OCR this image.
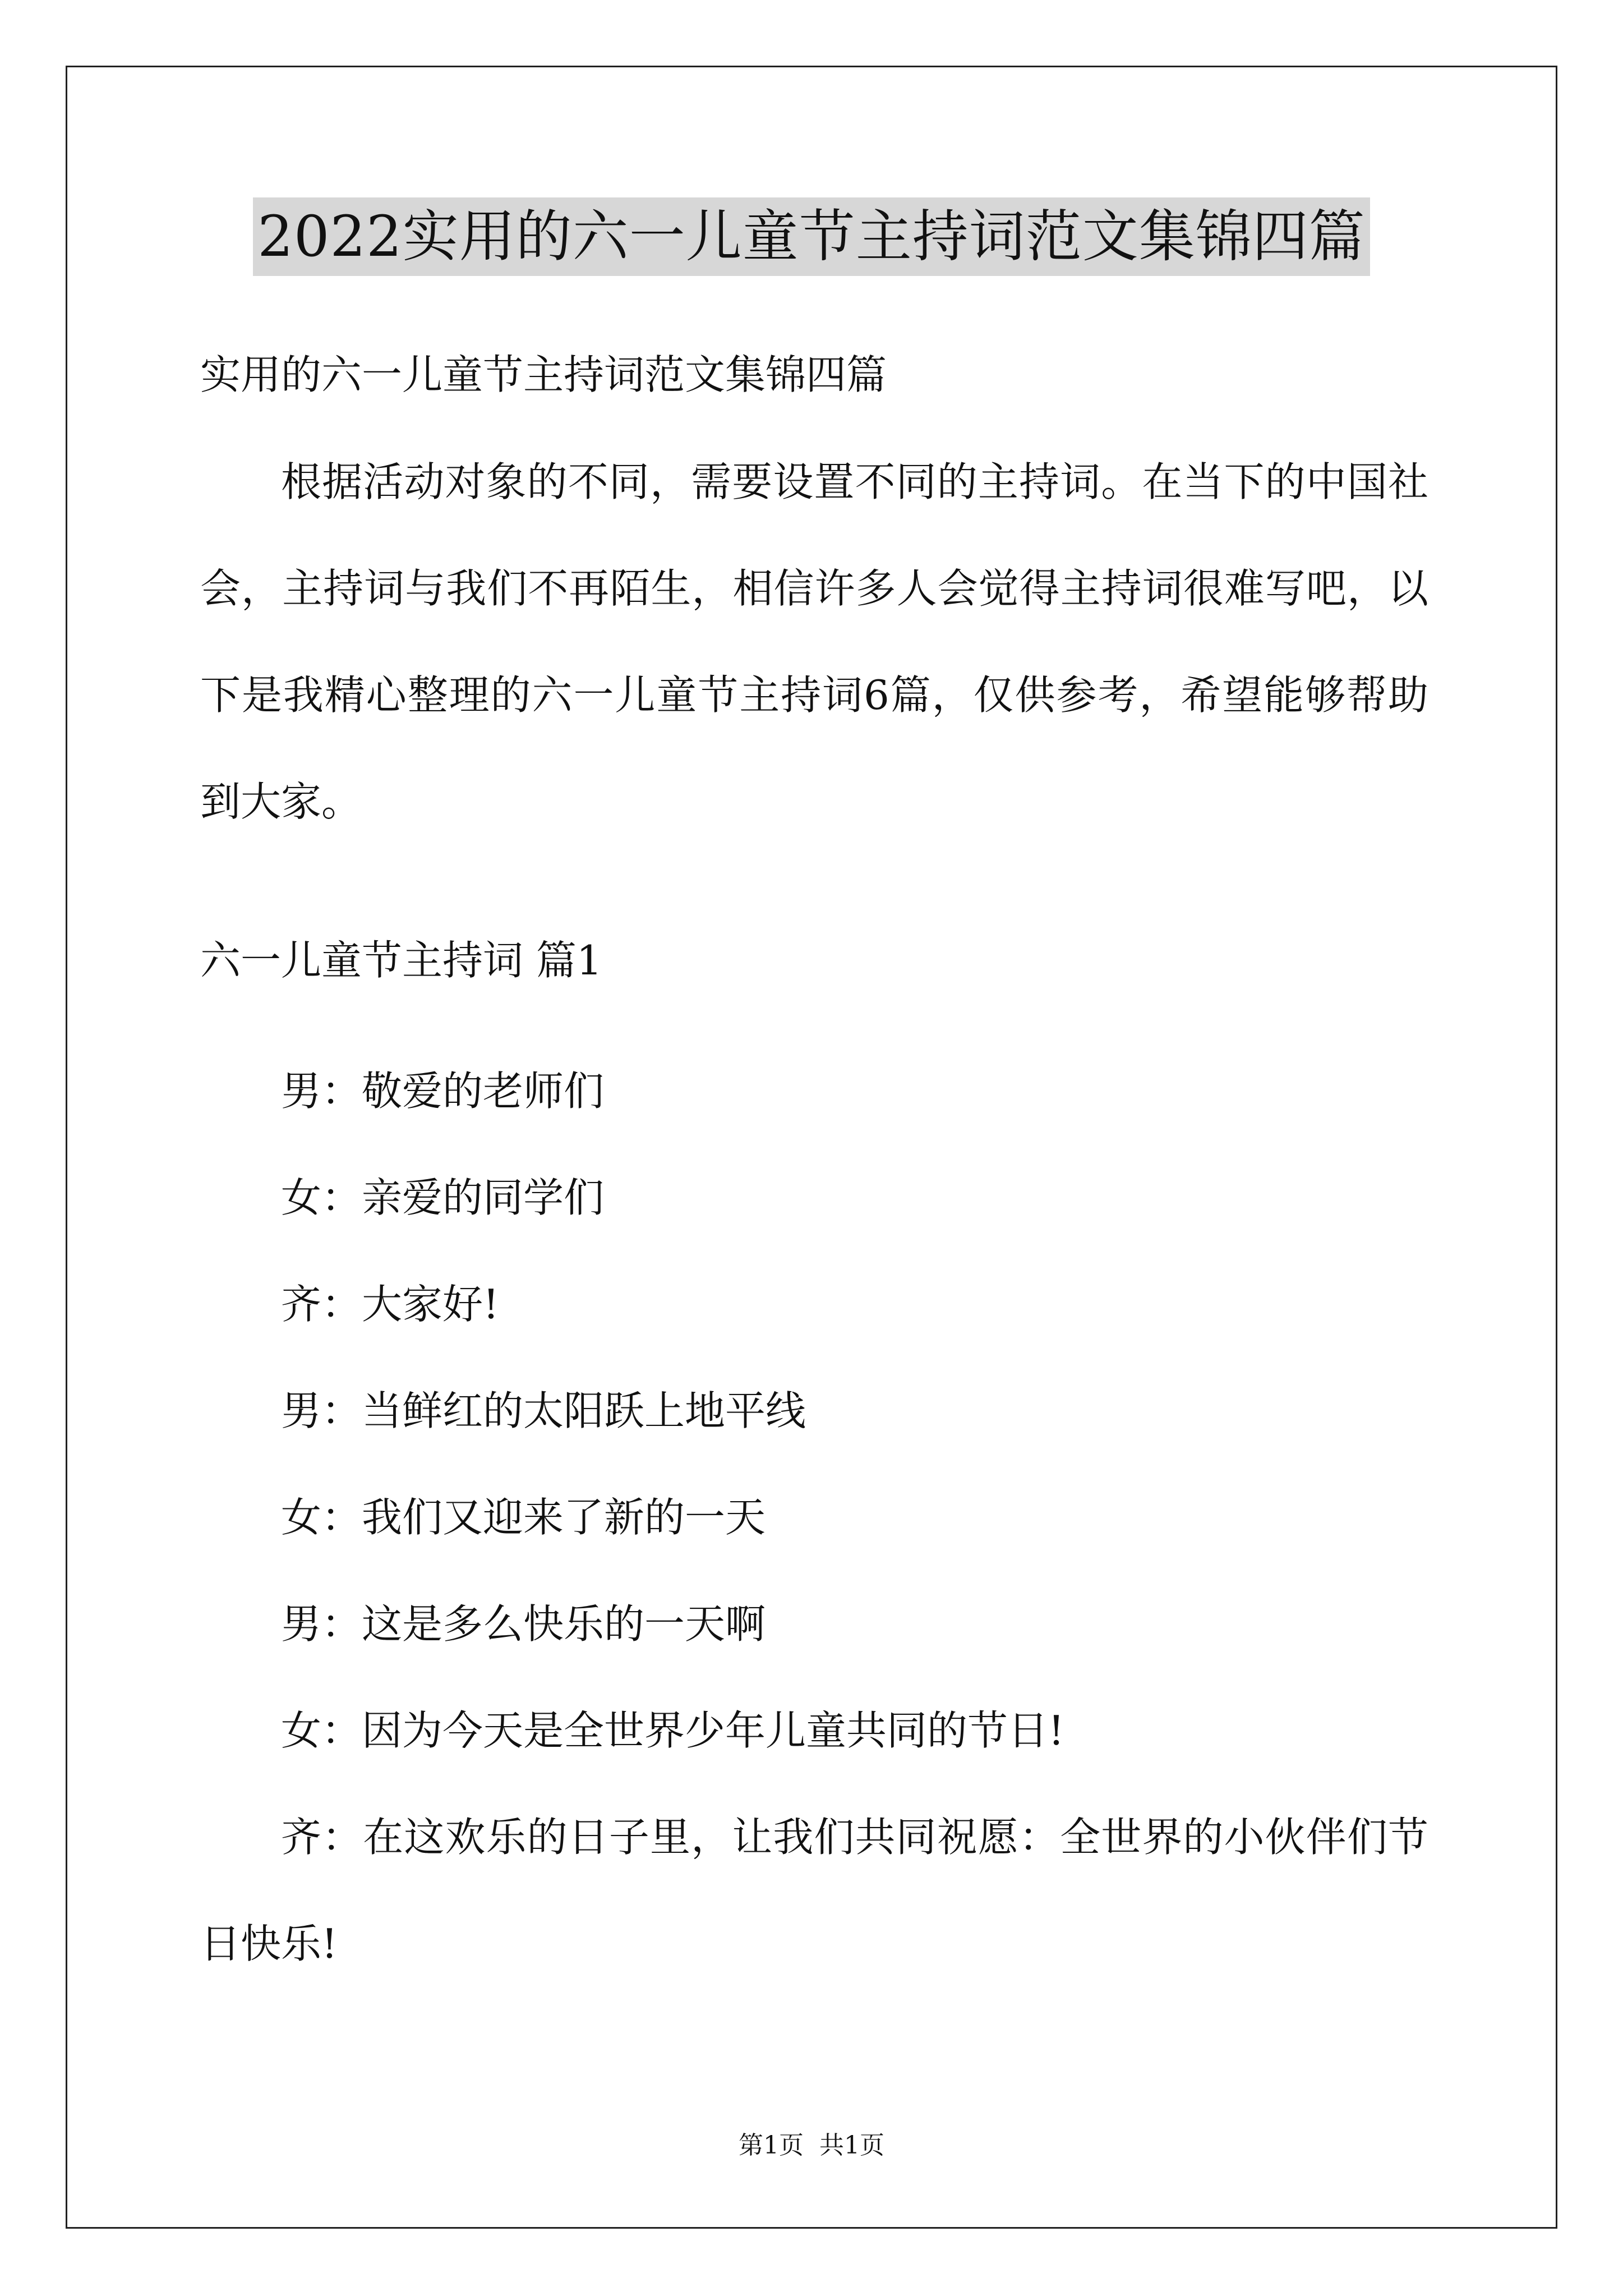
2022实用的六一儿童节主持词范文集锦四篇
实用的六一儿童节主持词范文集锦四篇

根据活动对象的不同，需要设置不同的主持词。在当下的中国社会，主持词与我们不再陌生，相信许多人会觉得主持词很难写吧，以下是我精心整理的六一儿童节主持词6篇，仅供参考，希望能够帮助到大家。

六一儿童节主持词 篇1

男：敬爱的老师们

女：亲爱的同学们

齐：大家好!

男：当鲜红的太阳跃上地平线

女：我们又迎来了新的一天

男：这是多么快乐的一天啊

女：因为今天是全世界少年儿童共同的节日!

齐：在这欢乐的日子里，让我们共同祝愿：全世界的小伙伴们节日快乐!

第1页  共1页
